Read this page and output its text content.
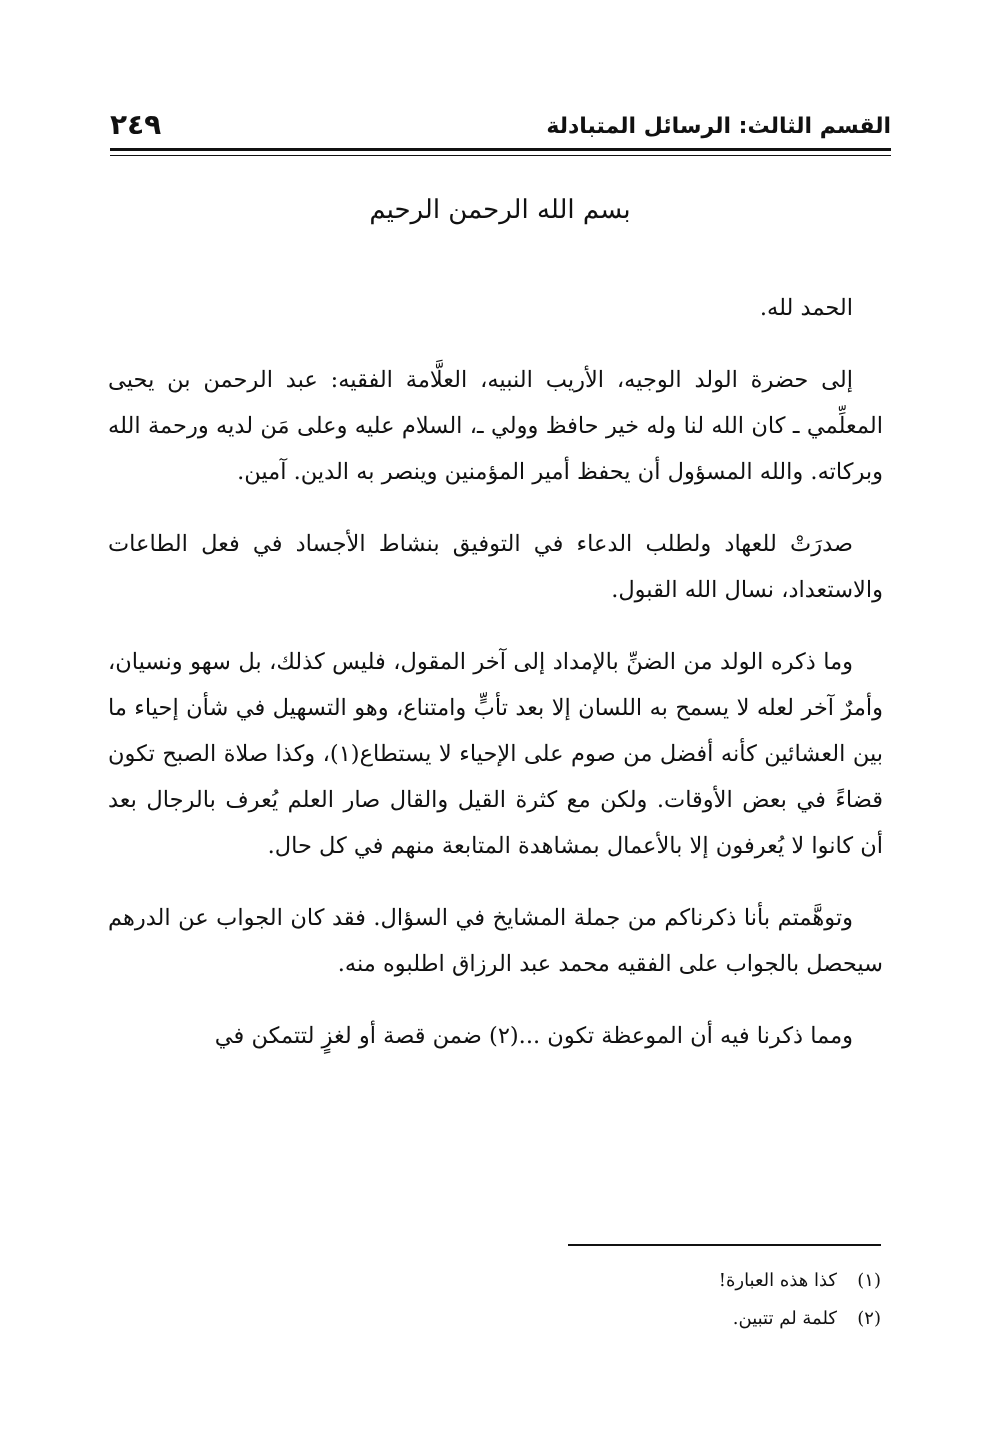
القسم الثالث: الرسائل المتبادلة
٢٤٩
بسم الله الرحمن الرحيم

الحمد لله.

إلى حضرة الولد الوجيه، الأريب النبيه، العلَّامة الفقيه: عبد الرحمن بن يحيى المعلِّمي ـ كان الله لنا وله خير حافظ وولي ـ، السلام عليه وعلى مَن لديه ورحمة الله وبركاته. والله المسؤول أن يحفظ أمير المؤمنين وينصر به الدين. آمين.

صدرَتْ للعهاد ولطلب الدعاء في التوفيق بنشاط الأجساد في فعل الطاعات والاستعداد، نسال الله القبول.

وما ذكره الولد من الضنِّ بالإمداد إلى آخر المقول، فليس كذلك، بل سهو ونسيان، وأمرٌ آخر لعله لا يسمح به اللسان إلا بعد تأبٍّ وامتناع، وهو التسهيل في شأن إحياء ما بين العشائين كأنه أفضل من صوم على الإحياء لا يستطاع(١)، وكذا صلاة الصبح تكون قضاءً في بعض الأوقات. ولكن مع كثرة القيل والقال صار العلم يُعرف بالرجال بعد أن كانوا لا يُعرفون إلا بالأعمال بمشاهدة المتابعة منهم في كل حال.

وتوهَّمتم بأنا ذكرناكم من جملة المشايخ في السؤال. فقد كان الجواب عن الدرهم سيحصل بالجواب على الفقيه محمد عبد الرزاق اطلبوه منه.

ومما ذكرنا فيه أن الموعظة تكون ...(٢) ضمن قصة أو لغزٍ لتتمكن في

(١)
كذا هذه العبارة!
(٢)
كلمة لم تتبين.
